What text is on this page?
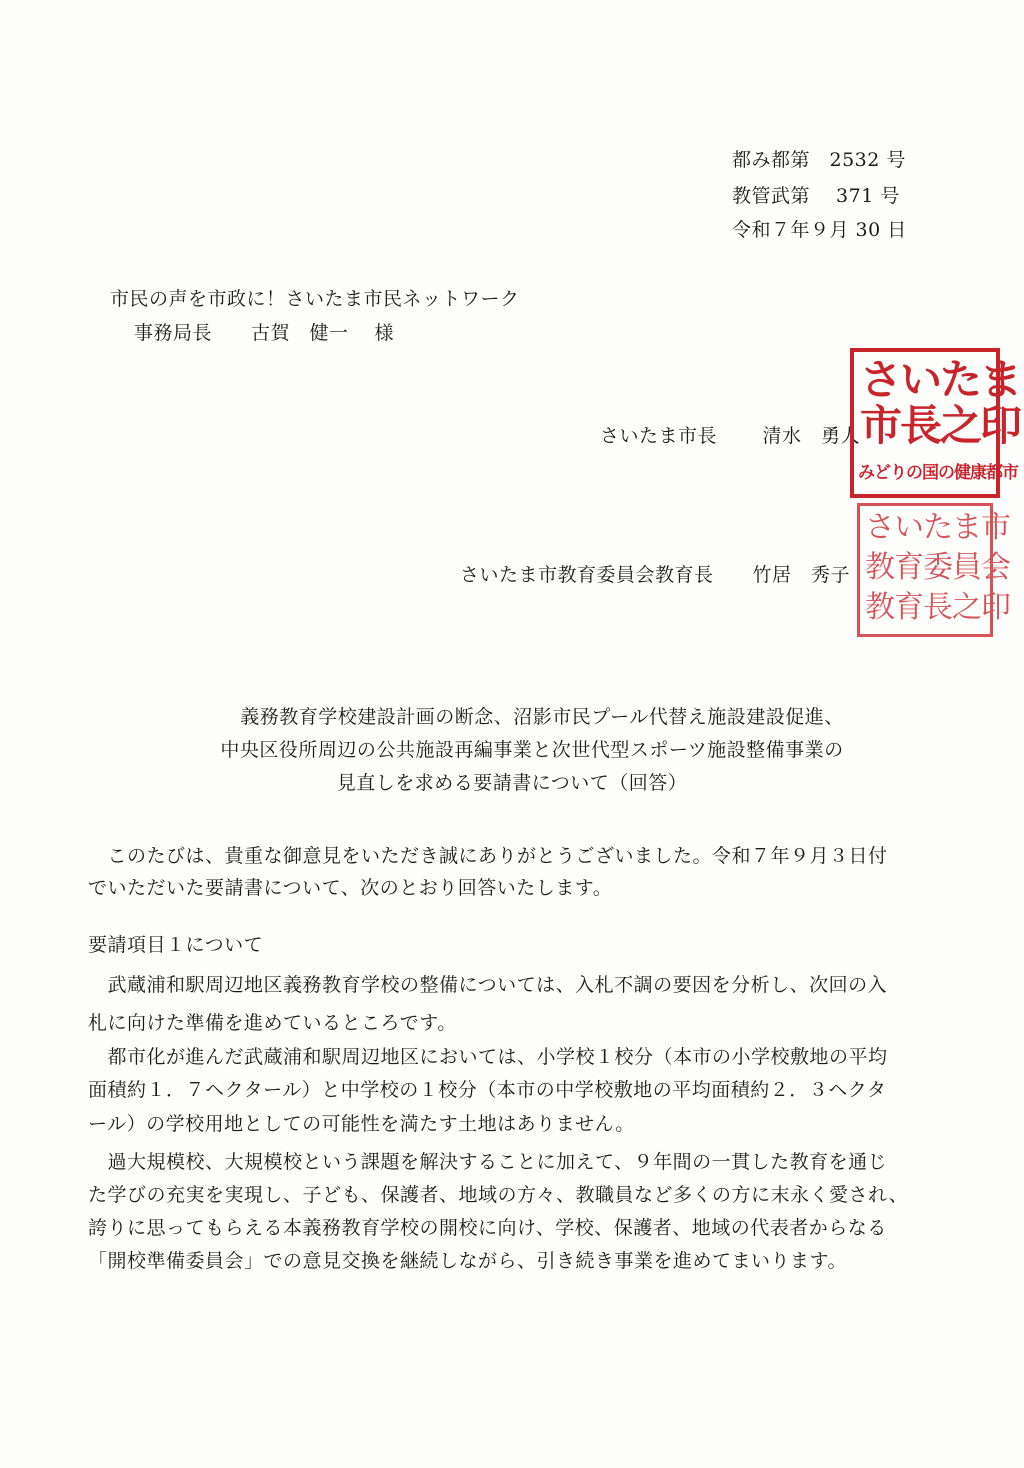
都み都第　2532 号
教管武第　 371 号
令和７年９月 30 日
市民の声を市政に！さいたま市民ネットワーク
事務局長　　古賀　健一　 様
さいたま市長　　 清水　勇人
さいたま市教育委員会教育長　　竹居　秀子
さいたま
市長之印
みどりの国の健康都市
さいたま市
教育委員会
教育長之印
義務教育学校建設計画の断念、沼影市民プール代替え施設建設促進、
中央区役所周辺の公共施設再編事業と次世代型スポーツ施設整備事業の
見直しを求める要請書について（回答）
　このたびは、貴重な御意見をいただき誠にありがとうございました。令和７年９月３日付
でいただいた要請書について、次のとおり回答いたします。
要請項目１について
　武蔵浦和駅周辺地区義務教育学校の整備については、入札不調の要因を分析し、次回の入
札に向けた準備を進めているところです。
　都市化が進んだ武蔵浦和駅周辺地区においては、小学校１校分（本市の小学校敷地の平均
面積約１．７ヘクタール）と中学校の１校分（本市の中学校敷地の平均面積約２．３ヘクタ
ール）の学校用地としての可能性を満たす土地はありません。
　過大規模校、大規模校という課題を解決することに加えて、９年間の一貫した教育を通じ
た学びの充実を実現し、子ども、保護者、地域の方々、教職員など多くの方に末永く愛され、
誇りに思ってもらえる本義務教育学校の開校に向け、学校、保護者、地域の代表者からなる
「開校準備委員会」での意見交換を継続しながら、引き続き事業を進めてまいります。
